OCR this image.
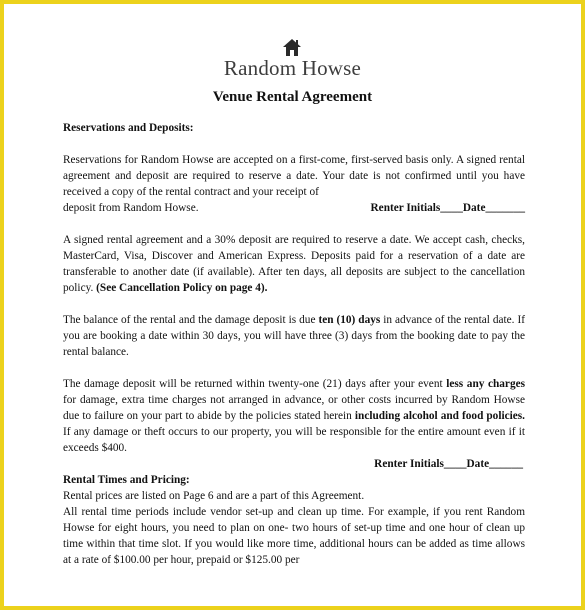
Random Howse
Venue Rental Agreement

Reservations and Deposits:

Reservations for Random Howse are accepted on a first-come, first-served basis only. A signed rental agreement and deposit are required to reserve a date. Your date is not confirmed until you have received a copy of the rental contract and your receipt of

deposit from Random Howse.	Renter Initials____Date_______

A signed rental agreement and a 30% deposit are required to reserve a date. We accept cash, checks, MasterCard, Visa, Discover and American Express. Deposits paid for a reservation of a date are transferable to another date (if available). After ten days, all deposits are subject to the cancellation policy. (See Cancellation Policy on page 4).

The balance of the rental and the damage deposit is due ten (10) days in advance of the rental date. If you are booking a date within 30 days, you will have three (3) days from the booking date to pay the rental balance.

The damage deposit will be returned within twenty-one (21) days after your event less any charges for damage, extra time charges not arranged in advance, or other costs incurred by Random Howse due to failure on your part to abide by the policies stated herein including alcohol and food policies. If any damage or theft occurs to our property, you will be responsible for the entire amount even if it exceeds $400.

Renter Initials____Date______

Rental Times and Pricing:

Rental prices are listed on Page 6 and are a part of this Agreement.

All rental time periods include vendor set-up and clean up time. For example, if you rent Random Howse for eight hours, you need to plan on one- two hours of set-up time and one hour of clean up time within that time slot. If you would like more time, additional hours can be added as time allows at a rate of $100.00 per hour, prepaid or $125.00 per
